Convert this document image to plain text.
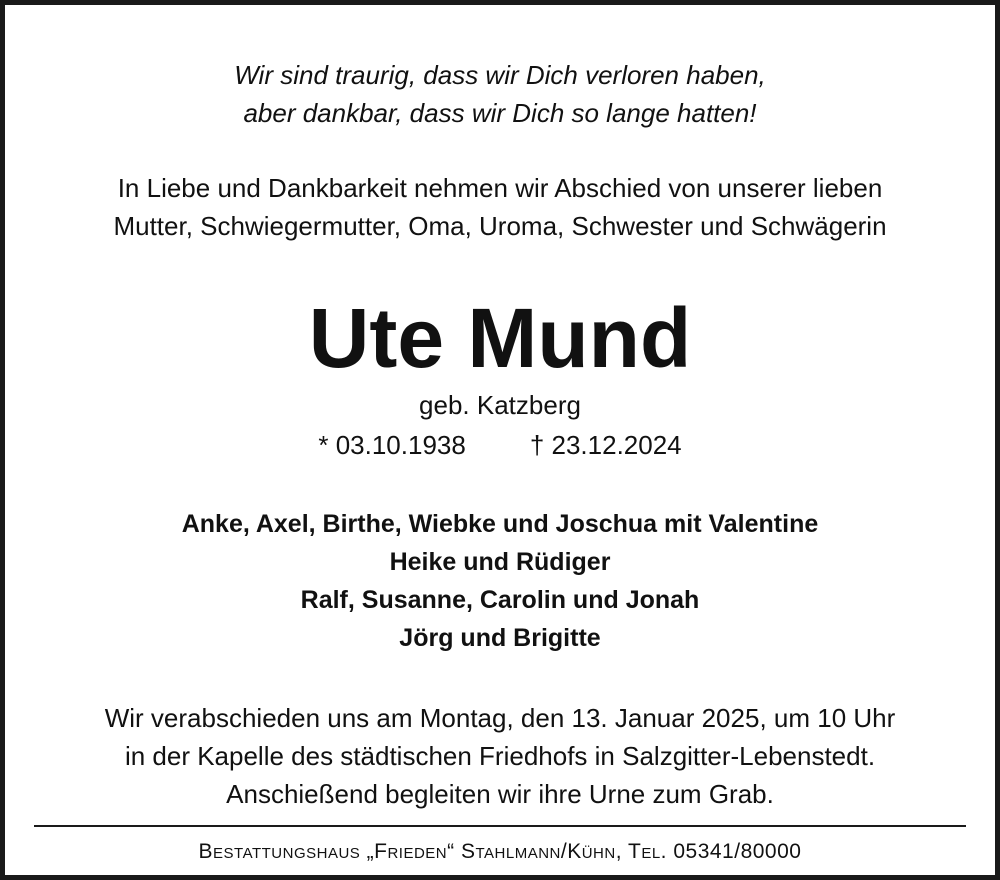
Wir sind traurig, dass wir Dich verloren haben,
aber dankbar, dass wir Dich so lange hatten!
In Liebe und Dankbarkeit nehmen wir Abschied von unserer lieben
Mutter, Schwiegermutter, Oma, Uroma, Schwester und Schwägerin
Ute Mund
geb. Katzberg
* 03.10.1938 † 23.12.2024
Anke, Axel, Birthe, Wiebke und Joschua mit Valentine
Heike und Rüdiger
Ralf, Susanne, Carolin und Jonah
Jörg und Brigitte
Wir verabschieden uns am Montag, den 13. Januar 2025, um 10 Uhr
in der Kapelle des städtischen Friedhofs in Salzgitter-Lebenstedt.
Anschießend begleiten wir ihre Urne zum Grab.
Bestattungshaus „Frieden“ Stahlmann/Kühn, Tel. 05341/80000
